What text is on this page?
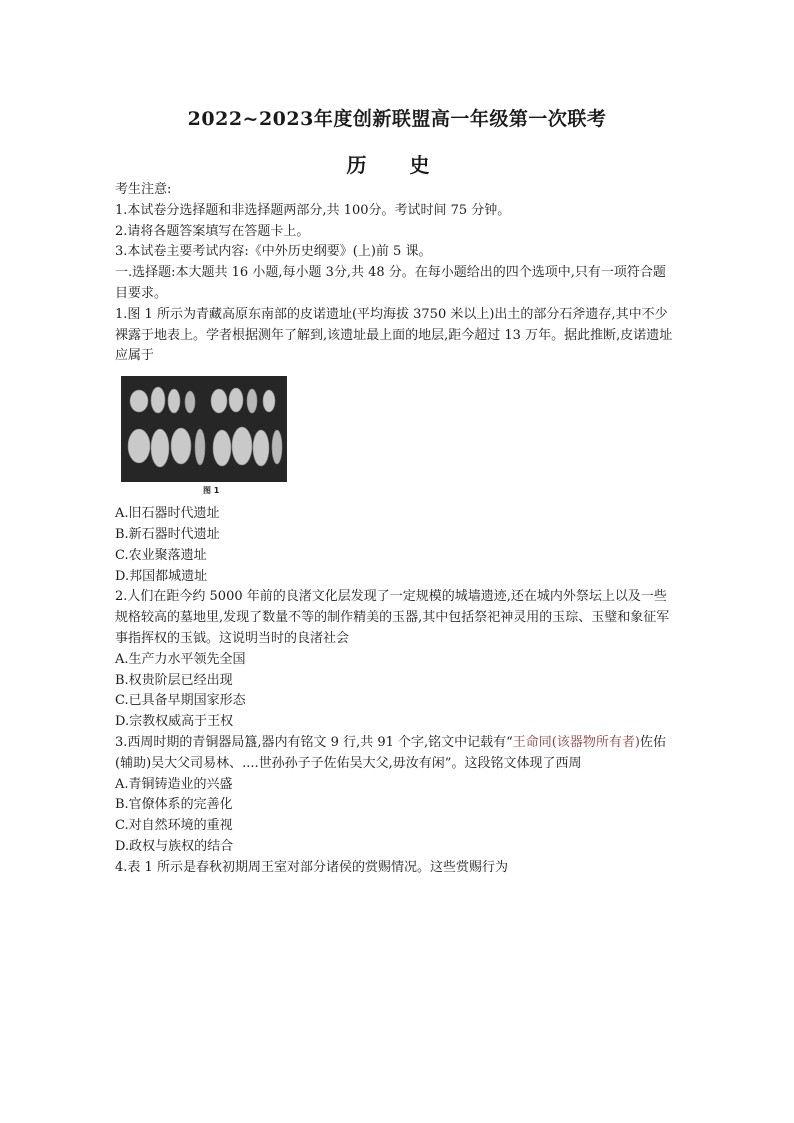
2022~2023年度创新联盟高一年级第一次联考
历 史

考生注意:

1.本试卷分选择题和非选择题两部分,共 100分。考试时间 75 分钟。

2.请将各题答案填写在答题卡上。

3.本试卷主要考试内容:《中外历史纲要》(上)前 5 课。

一.选择题:本大题共 16 小题,每小题 3分,共 48 分。在每小题给出的四个选项中,只有一项符合题目要求。

1.图 1 所示为青藏高原东南部的皮诺遗址(平均海拔 3750 米以上)出土的部分石斧遗存,其中不少裸露于地表上。学者根据测年了解到,该遗址最上面的地层,距今超过 13 万年。据此推断,皮诺遗址应属于

图 1

A.旧石器时代遗址

B.新石器时代遗址

C.农业聚落遗址

D.邦国都城遗址

2.人们在距今约 5000 年前的良渚文化层发现了一定规模的城墙遗迹,还在城内外祭坛上以及一些规格较高的墓地里,发现了数量不等的制作精美的玉器,其中包括祭祀神灵用的玉琮、玉璧和象征军事指挥权的玉钺。这说明当时的良渚社会

A.生产力水平领先全国

B.权贵阶层已经出现

C.已具备早期国家形态

D.宗教权威高于王权

3.西周时期的青铜器局簋,器内有铭文 9 行,共 91 个字,铭文中记载有“王命同(该器物所有者)佐佑(辅助)吴大父司易林、....世孙孙子子佐佑吴大父,毋汝有闲”。这段铭文体现了西周

A.青铜铸造业的兴盛

B.官僚体系的完善化

C.对自然环境的重视

D.政权与族权的结合

4.表 1 所示是春秋初期周王室对部分诸侯的赏赐情况。这些赏赐行为
